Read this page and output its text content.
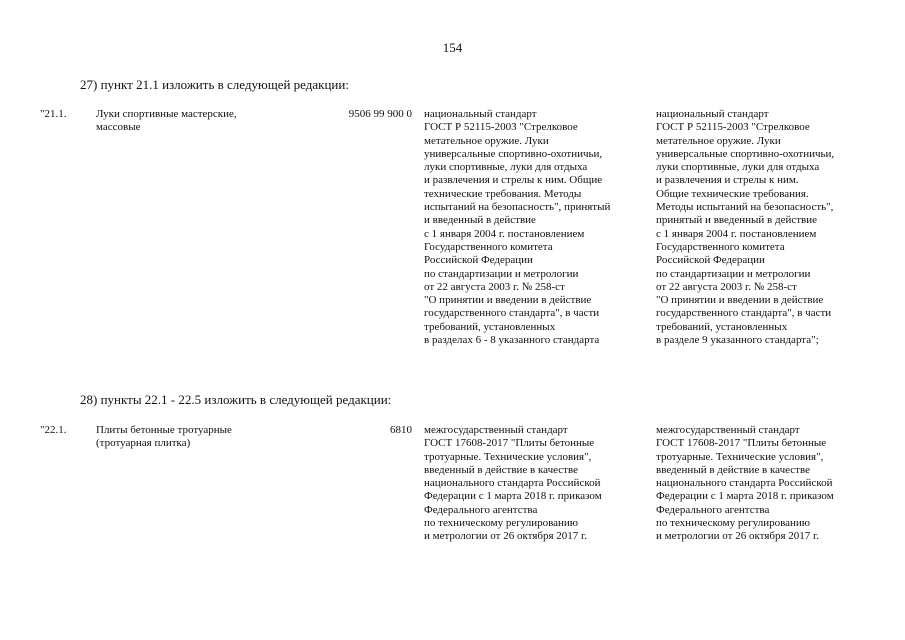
154
27) пункт 21.1 изложить в следующей редакции:
"21.1.	Луки спортивные мастерские,
массовые
9506 99 900 0 национальный стандарт
ГОСТ Р 52115-2003 "Стрелковое
метательное оружие. Луки
универсальные спортивно-охотничьи,
луки спортивные, луки для отдыха
и развлечения и стрелы к ним. Общие
технические требования. Методы
испытаний на безопасность", принятый
и введенный в действие
с 1 января 2004 г. постановлением
Государственного комитета
Российской Федерации
по стандартизации и метрологии
от 22 августа 2003 г. № 258-ст
"О принятии и введении в действие
государственного стандарта", в части
требований, установленных
в разделах 6 - 8 указанного стандарта
национальный стандарт
ГОСТ Р 52115-2003 "Стрелковое
метательное оружие. Луки
универсальные спортивно-охотничьи,
луки спортивные, луки для отдыха
и развлечения и стрелы к ним.
Общие технические требования.
Методы испытаний на безопасность",
принятый и введенный в действие
с 1 января 2004 г. постановлением
Государственного комитета
Российской Федерации
по стандартизации и метрологии
от 22 августа 2003 г. № 258-ст
"О принятии и введении в действие
государственного стандарта", в части
требований, установленных
в разделе 9 указанного стандарта";
28) пункты 22.1 - 22.5 изложить в следующей редакции:
"22.1.	Плиты бетонные тротуарные
(тротуарная плитка)
6810 межгосударственный стандарт
ГОСТ 17608-2017 "Плиты бетонные
тротуарные. Технические условия",
введенный в действие в качестве
национального стандарта Российской
Федерации с 1 марта 2018 г. приказом
Федерального агентства
по техническому регулированию
и метрологии от 26 октября 2017 г.
межгосударственный стандарт
ГОСТ 17608-2017 "Плиты бетонные
тротуарные. Технические условия",
введенный в действие в качестве
национального стандарта Российской
Федерации с 1 марта 2018 г. приказом
Федерального агентства
по техническому регулированию
и метрологии от 26 октября 2017 г.
